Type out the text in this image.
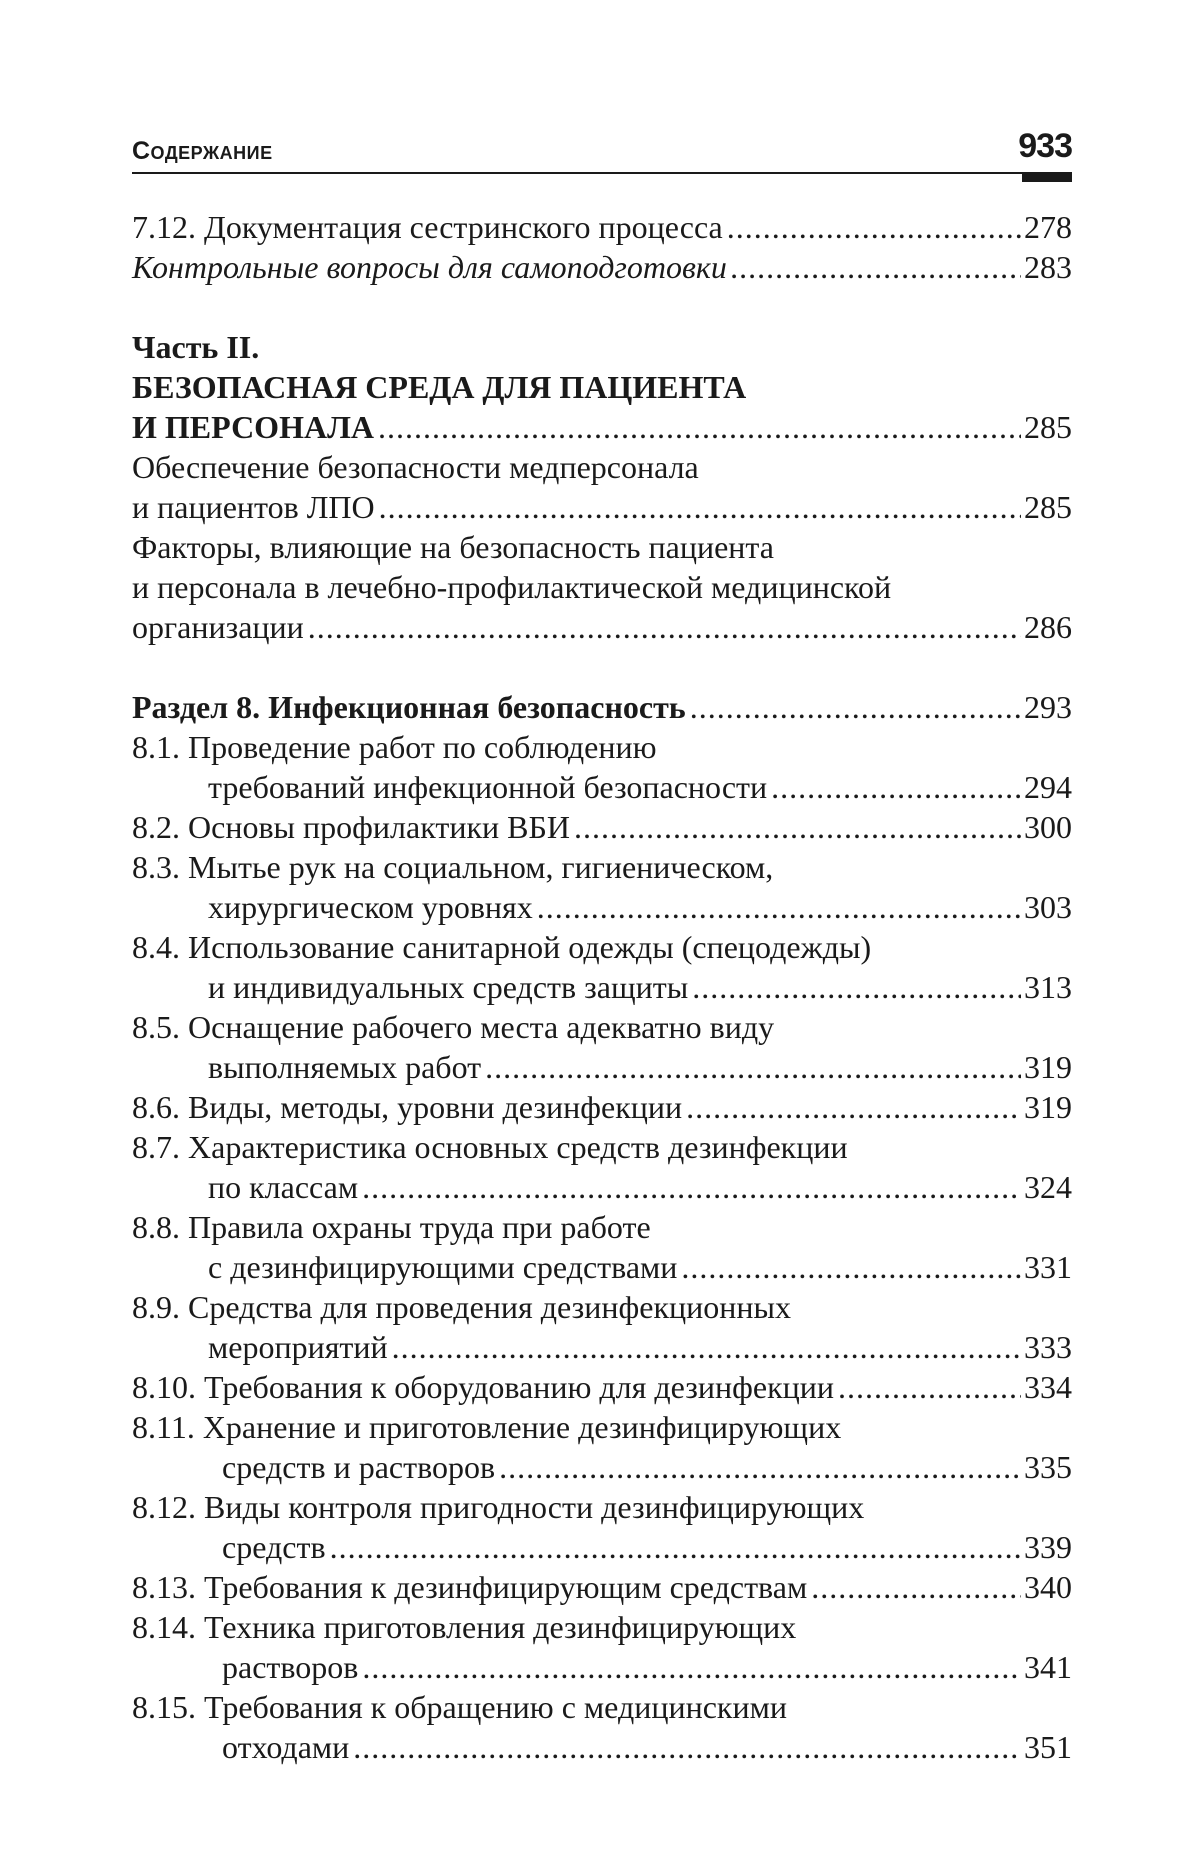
Содержание	933
7.12. Документация сестринского процесса .....	278
Контрольные вопросы для самоподготовки .....	283
Часть II.
БЕЗОПАСНАЯ СРЕДА ДЛЯ ПАЦИЕНТА
И ПЕРСОНАЛА .....	285
Обеспечение безопасности медперсонала
и пациентов ЛПО .....	285
Факторы, влияющие на безопасность пациента
и персонала в лечебно-профилактической медицинской
организации .....	286
Раздел 8. Инфекционная безопасность .....	293
8.1. Проведение работ по соблюдению
требований инфекционной безопасности .....	294
8.2. Основы профилактики ВБИ .....	300
8.3. Мытье рук на социальном, гигиеническом,
хирургическом уровнях .....	303
8.4. Использование санитарной одежды (спецодежды)
и индивидуальных средств защиты .....	313
8.5. Оснащение рабочего места адекватно виду
выполняемых работ .....	319
8.6. Виды, методы, уровни дезинфекции .....	319
8.7. Характеристика основных средств дезинфекции
по классам .....	324
8.8. Правила охраны труда при работе
с дезинфицирующими средствами .....	331
8.9. Средства для проведения дезинфекционных
мероприятий .....	333
8.10. Требования к оборудованию для дезинфекции .....	334
8.11. Хранение и приготовление дезинфицирующих
средств и растворов .....	335
8.12. Виды контроля пригодности дезинфицирующих
средств .....	339
8.13. Требования к дезинфицирующим средствам .....	340
8.14. Техника приготовления дезинфицирующих
растворов .....	341
8.15. Требования к обращению с медицинскими
отходами .....	351
